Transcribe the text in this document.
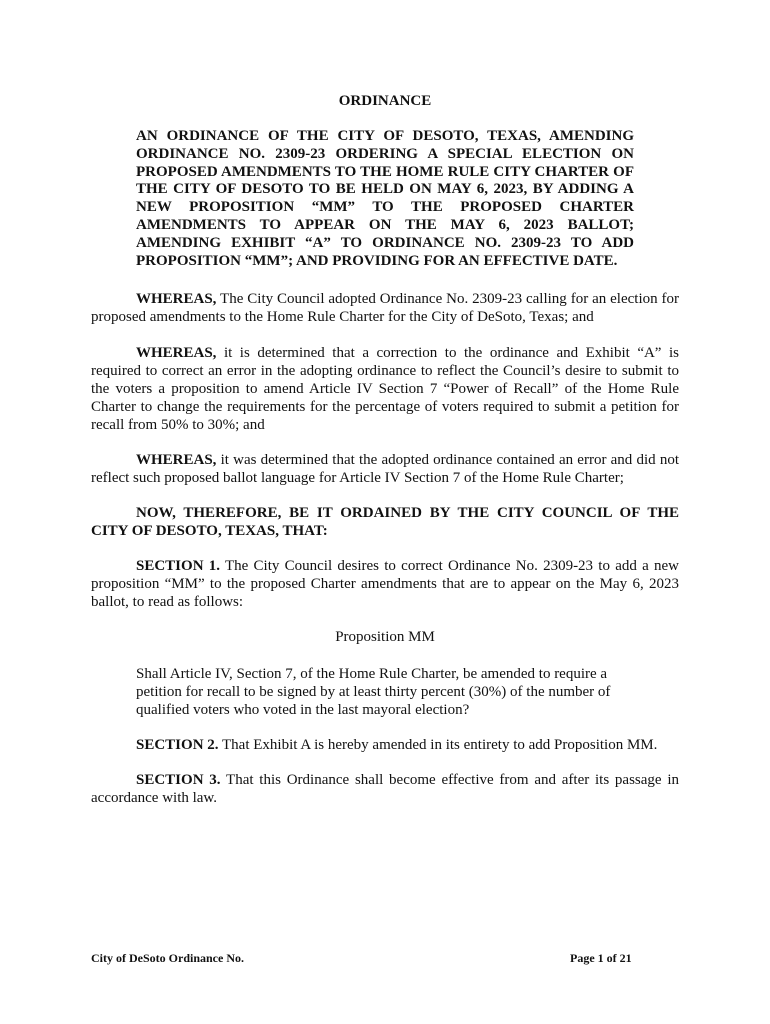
ORDINANCE
AN ORDINANCE OF THE CITY OF DESOTO, TEXAS, AMENDING ORDINANCE NO. 2309-23 ORDERING A SPECIAL ELECTION ON PROPOSED AMENDMENTS TO THE HOME RULE CITY CHARTER OF THE CITY OF DESOTO TO BE HELD ON MAY 6, 2023, BY ADDING A NEW PROPOSITION “MM” TO THE PROPOSED CHARTER AMENDMENTS TO APPEAR ON THE MAY 6, 2023 BALLOT; AMENDING EXHIBIT “A” TO ORDINANCE NO. 2309-23 TO ADD PROPOSITION “MM”; AND PROVIDING FOR AN EFFECTIVE DATE.
WHEREAS, The City Council adopted Ordinance No. 2309-23 calling for an election for proposed amendments to the Home Rule Charter for the City of DeSoto, Texas; and
WHEREAS, it is determined that a correction to the ordinance and Exhibit “A” is required to correct an error in the adopting ordinance to reflect the Council’s desire to submit to the voters a proposition to amend Article IV Section 7 “Power of Recall” of the Home Rule Charter to change the requirements for the percentage of voters required to submit a petition for recall from 50% to 30%; and
WHEREAS, it was determined that the adopted ordinance contained an error and did not reflect such proposed ballot language for Article IV Section 7 of the Home Rule Charter;
NOW, THEREFORE, BE IT ORDAINED BY THE CITY COUNCIL OF THE CITY OF DESOTO, TEXAS, THAT:
SECTION 1. The City Council desires to correct Ordinance No. 2309-23 to add a new proposition “MM” to the proposed Charter amendments that are to appear on the May 6, 2023 ballot, to read as follows:
Proposition MM
Shall Article IV, Section 7, of the Home Rule Charter, be amended to require a petition for recall to be signed by at least thirty percent (30%) of the number of qualified voters who voted in the last mayoral election?
SECTION 2. That Exhibit A is hereby amended in its entirety to add Proposition MM.
SECTION 3. That this Ordinance shall become effective from and after its passage in accordance with law.
City of DeSoto Ordinance No.	Page 1 of 21
